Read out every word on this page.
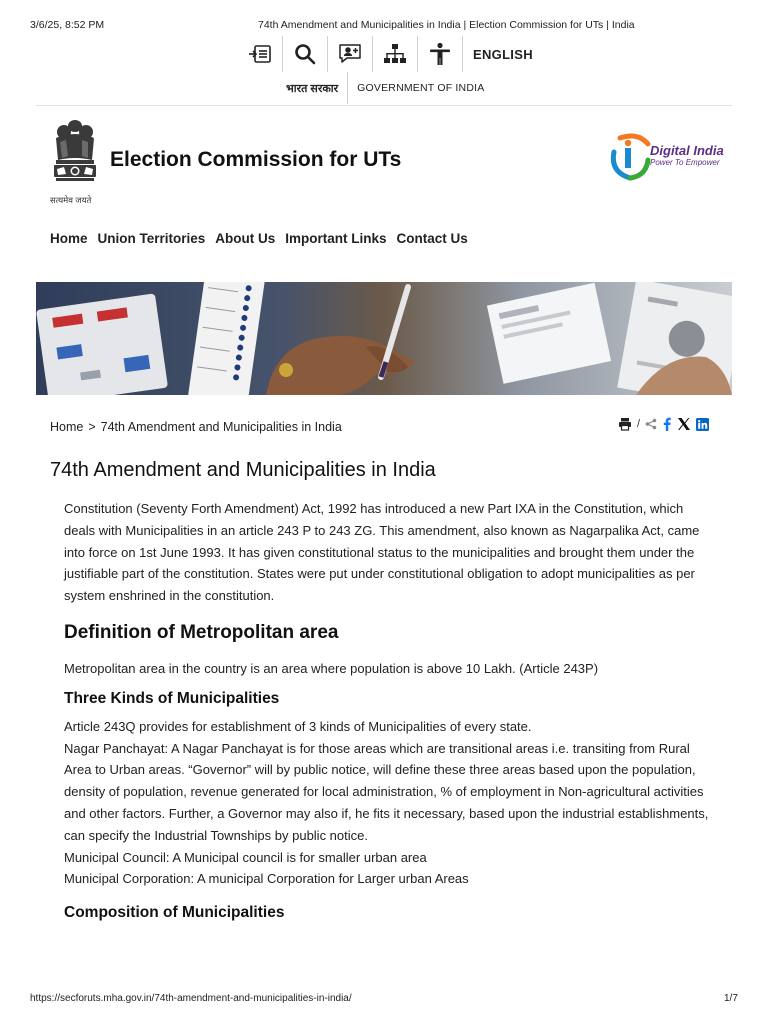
3/6/25, 8:52 PM	74th Amendment and Municipalities in India | Election Commission for UTs | India
ENGLISH
भारत सरकार	GOVERNMENT OF INDIA
सत्यमेव जयते
Election Commission for UTs	Digital India
Power To Empower
Home Union Territories About Us Important Links Contact Us
Home > 74th Amendment and Municipalities in India	/
74th Amendment and Municipalities in India

Constitution (Seventy Forth Amendment) Act, 1992 has introduced a new Part IXA in the Constitution, which deals with Municipalities in an article 243 P to 243 ZG. This amendment, also known as Nagarpalika Act, came into force on 1st June 1993. It has given constitutional status to the municipalities and brought them under the justifiable part of the constitution. States were put under constitutional obligation to adopt municipalities as per system enshrined in the constitution.

Definition of Metropolitan area

Metropolitan area in the country is an area where population is above 10 Lakh. (Article 243P)

Three Kinds of Municipalities

Article 243Q provides for establishment of 3 kinds of Municipalities of every state.

Nagar Panchayat: A Nagar Panchayat is for those areas which are transitional areas i.e. transiting from Rural Area to Urban areas. “Governor” will by public notice, will define these three areas based upon the population, density of population, revenue generated for local administration, % of employment in Non-agricultural activities and other factors. Further, a Governor may also if, he fits it necessary, based upon the industrial establishments, can specify the Industrial Townships by public notice.

Municipal Council: A Municipal council is for smaller urban area

Municipal Corporation: A municipal Corporation for Larger urban Areas

Composition of Municipalities
https://secforuts.mha.gov.in/74th-amendment-and-municipalities-in-india/	1/7
